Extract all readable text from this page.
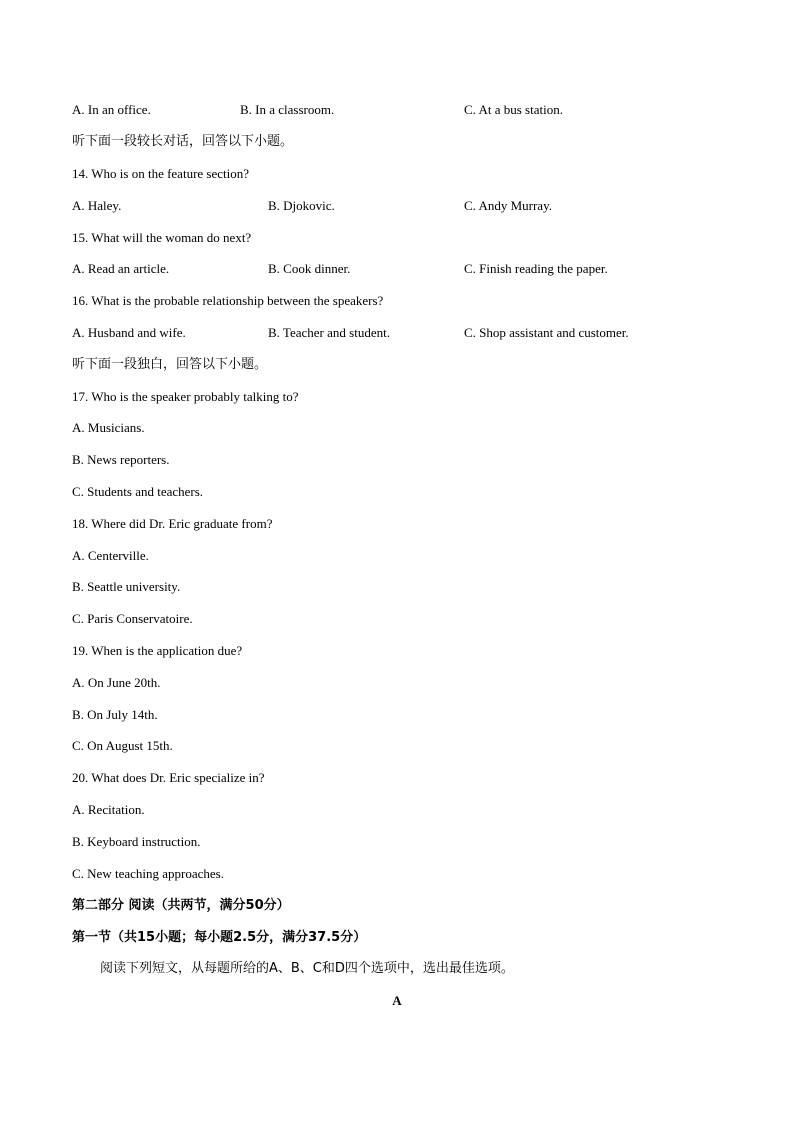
A. In an office.	B. In a classroom.	C. At a bus station.
听下面一段较长对话，回答以下小题。
14. Who is on the feature section?
A. Haley.	B. Djokovic.	C. Andy Murray.
15. What will the woman do next?
A. Read an article.	B. Cook dinner.	C. Finish reading the paper.
16. What is the probable relationship between the speakers?
A. Husband and wife.	B. Teacher and student.	C. Shop assistant and customer.
听下面一段独白，回答以下小题。
17. Who is the speaker probably talking to?
A. Musicians.
B. News reporters.
C. Students and teachers.
18. Where did Dr. Eric graduate from?
A. Centerville.
B. Seattle university.
C. Paris Conservatoire.
19. When is the application due?
A. On June 20th.
B. On July 14th.
C. On August 15th.
20. What does Dr. Eric specialize in?
A. Recitation.
B. Keyboard instruction.
C. New teaching approaches.
第二部分 阅读（共两节，满分50分）
第一节（共15小题；每小题2.5分，满分37.5分）
阅读下列短文，从每题所给的A、B、C和D四个选项中，选出最佳选项。
A
